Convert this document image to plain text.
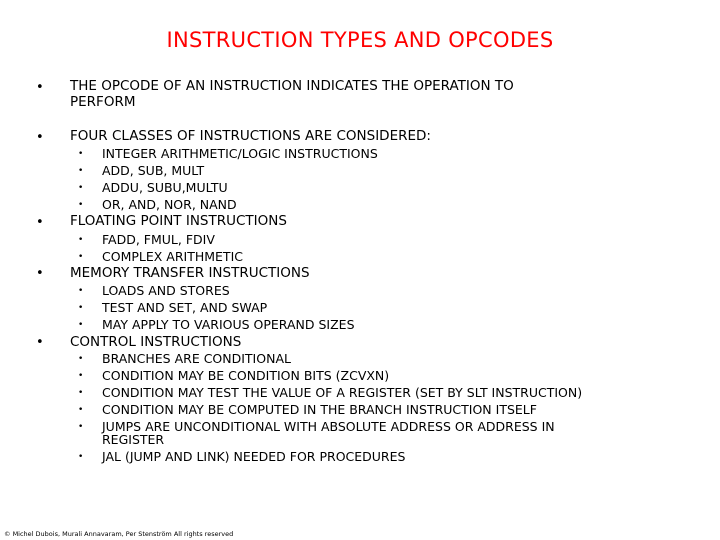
INSTRUCTION TYPES AND OPCODES
• THE OPCODE OF AN INSTRUCTION INDICATES THE OPERATION TO
PERFORM
• FOUR CLASSES OF INSTRUCTIONS ARE CONSIDERED:
• INTEGER ARITHMETIC/LOGIC INSTRUCTIONS
• ADD, SUB, MULT
• ADDU, SUBU,MULTU
• OR, AND, NOR, NAND
• FLOATING POINT INSTRUCTIONS
• FADD, FMUL, FDIV
• COMPLEX ARITHMETIC
• MEMORY TRANSFER INSTRUCTIONS
• LOADS AND STORES
• TEST AND SET, AND SWAP
• MAY APPLY TO VARIOUS OPERAND SIZES
• CONTROL INSTRUCTIONS
• BRANCHES ARE CONDITIONAL
• CONDITION MAY BE CONDITION BITS (ZCVXN)
• CONDITION MAY TEST THE VALUE OF A REGISTER (SET BY SLT INSTRUCTION)
• CONDITION MAY BE COMPUTED IN THE BRANCH INSTRUCTION ITSELF
• JUMPS ARE UNCONDITIONAL WITH ABSOLUTE ADDRESS OR ADDRESS IN
REGISTER
• JAL (JUMP AND LINK) NEEDED FOR PROCEDURES
© Michel Dubois, Murali Annavaram, Per Stenström All rights reserved
